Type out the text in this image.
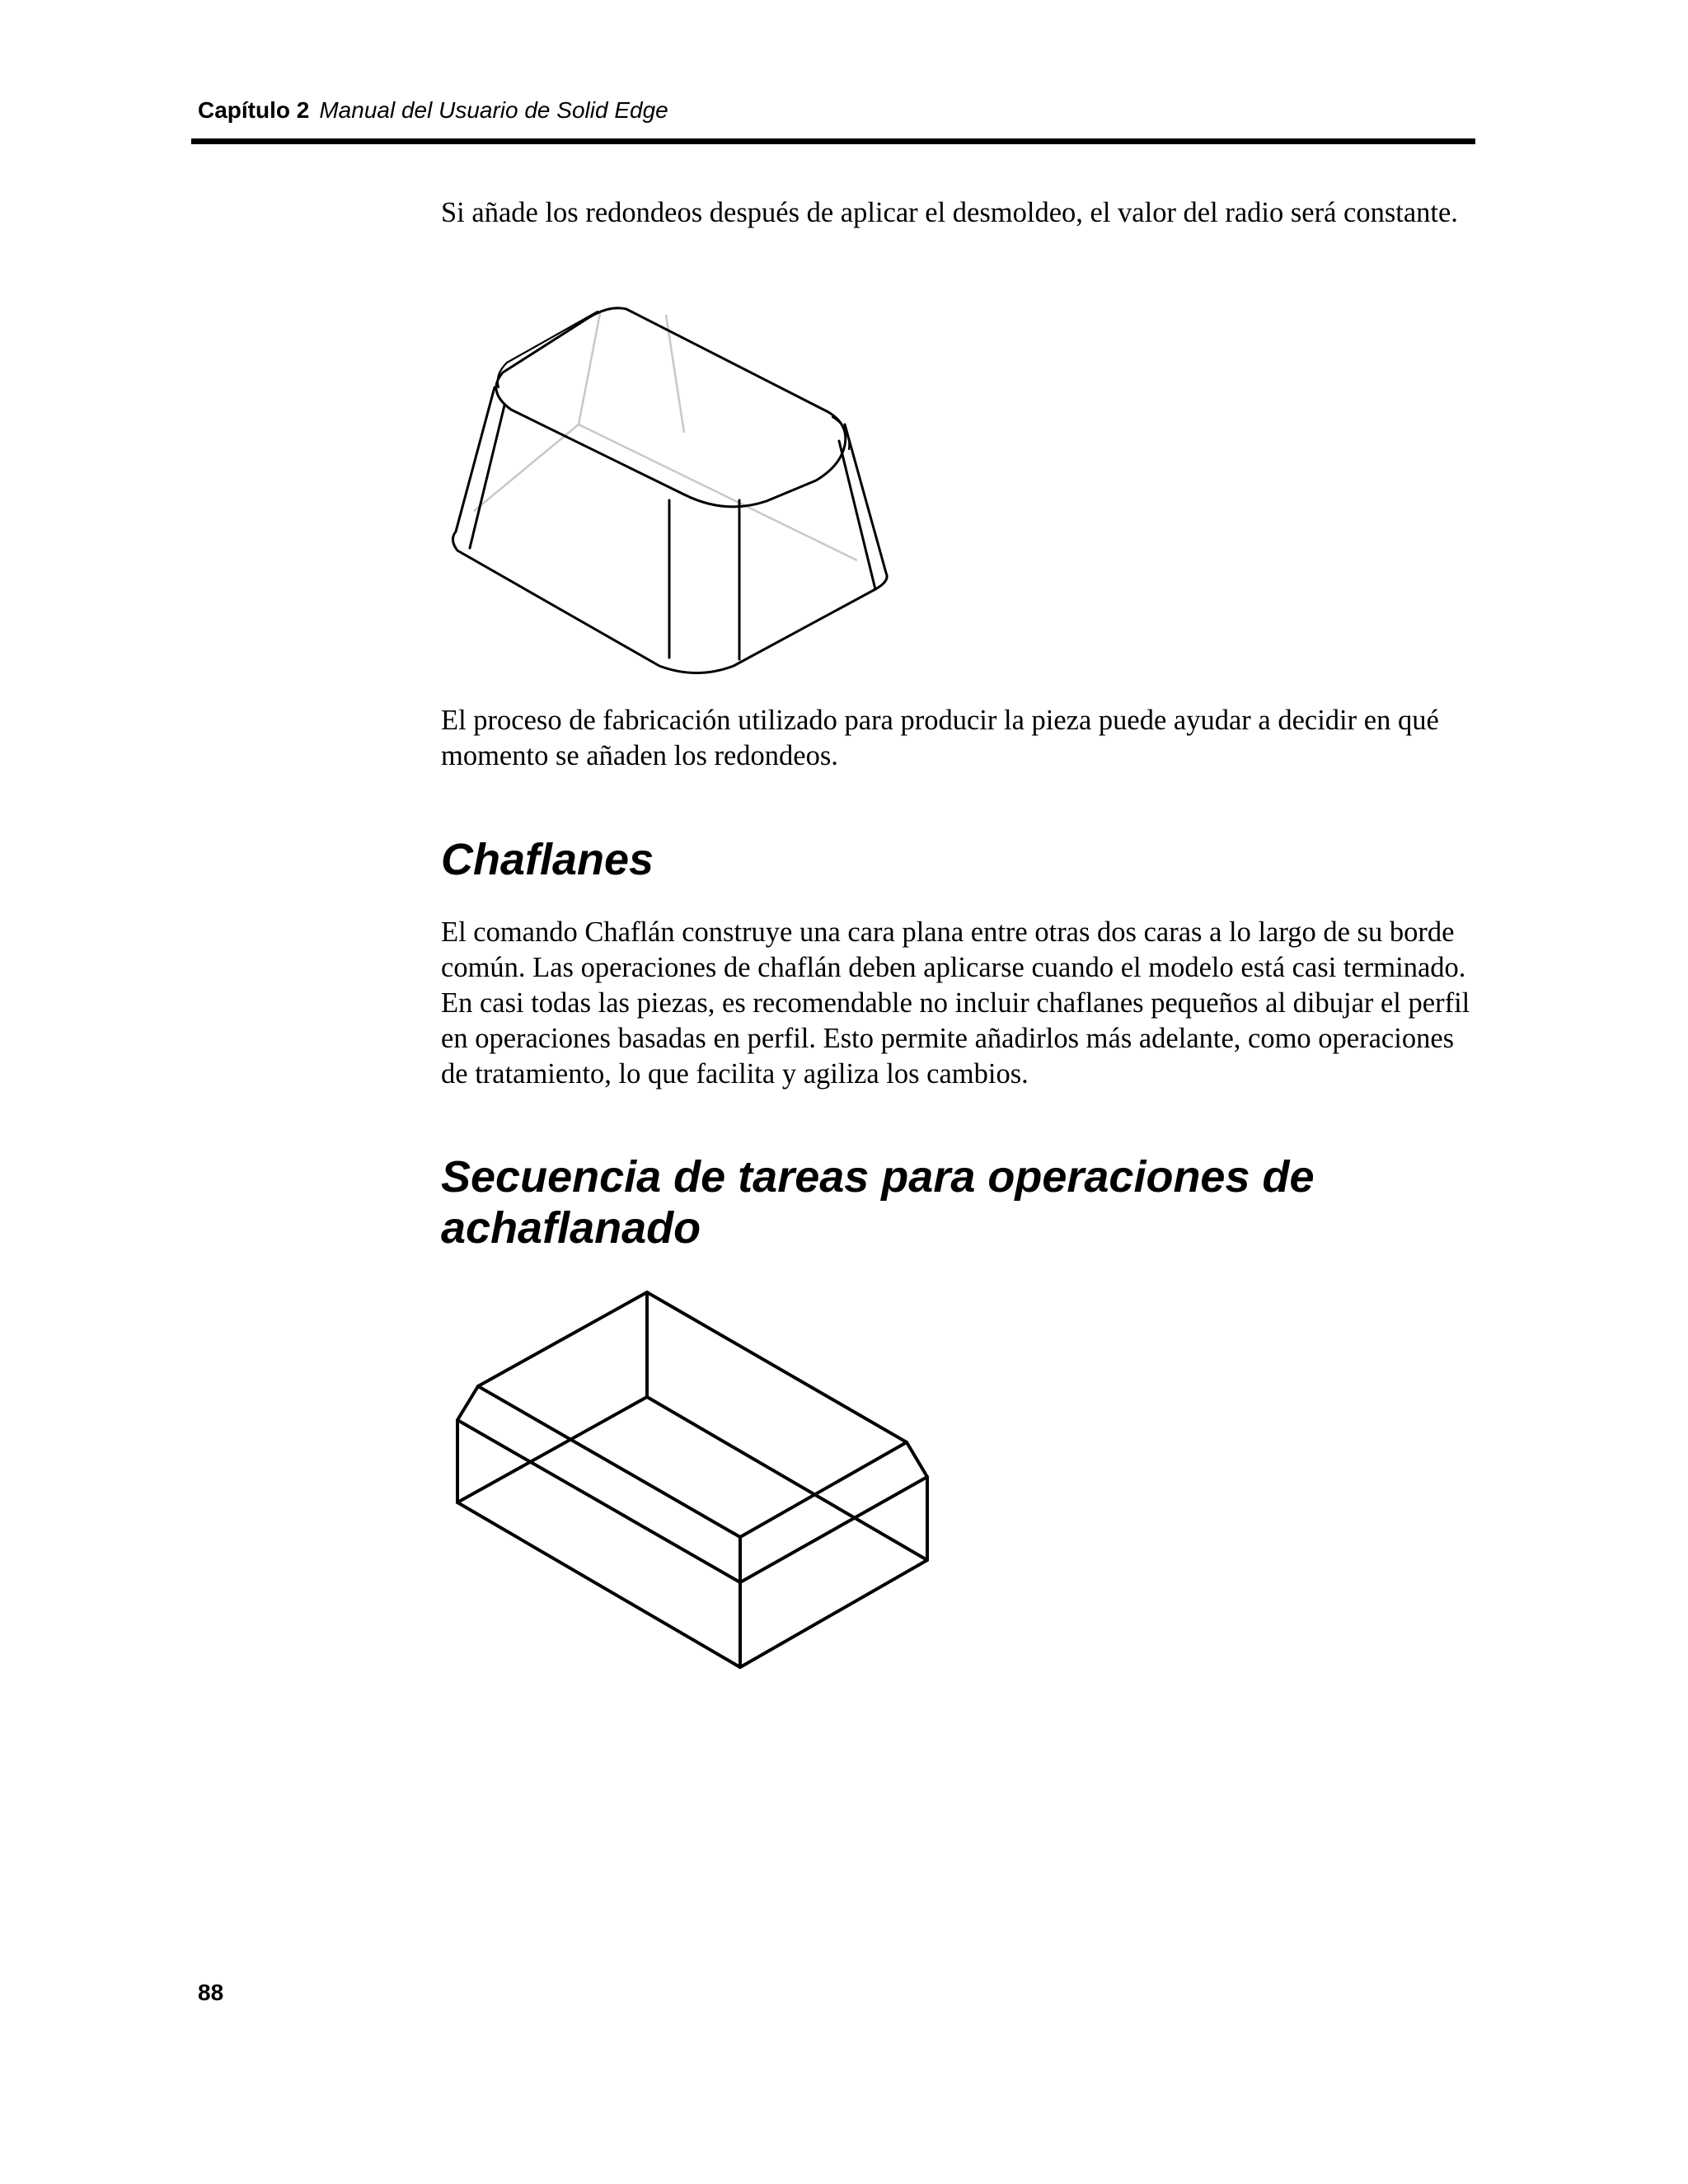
Capítulo 2 Manual del Usuario de Solid Edge

Si añade los redondeos después de aplicar el desmoldeo, el valor del radio será constante.

El proceso de fabricación utilizado para producir la pieza puede ayudar a decidir en qué momento se añaden los redondeos.

Chaflanes

El comando Chaflán construye una cara plana entre otras dos caras a lo largo de su borde común. Las operaciones de chaflán deben aplicarse cuando el modelo está casi terminado. En casi todas las piezas, es recomendable no incluir chaflanes pequeños al dibujar el perfil en operaciones basadas en perfil. Esto permite añadirlos más adelante, como operaciones de tratamiento, lo que facilita y agiliza los cambios.

Secuencia de tareas para operaciones de achaflanado
88
